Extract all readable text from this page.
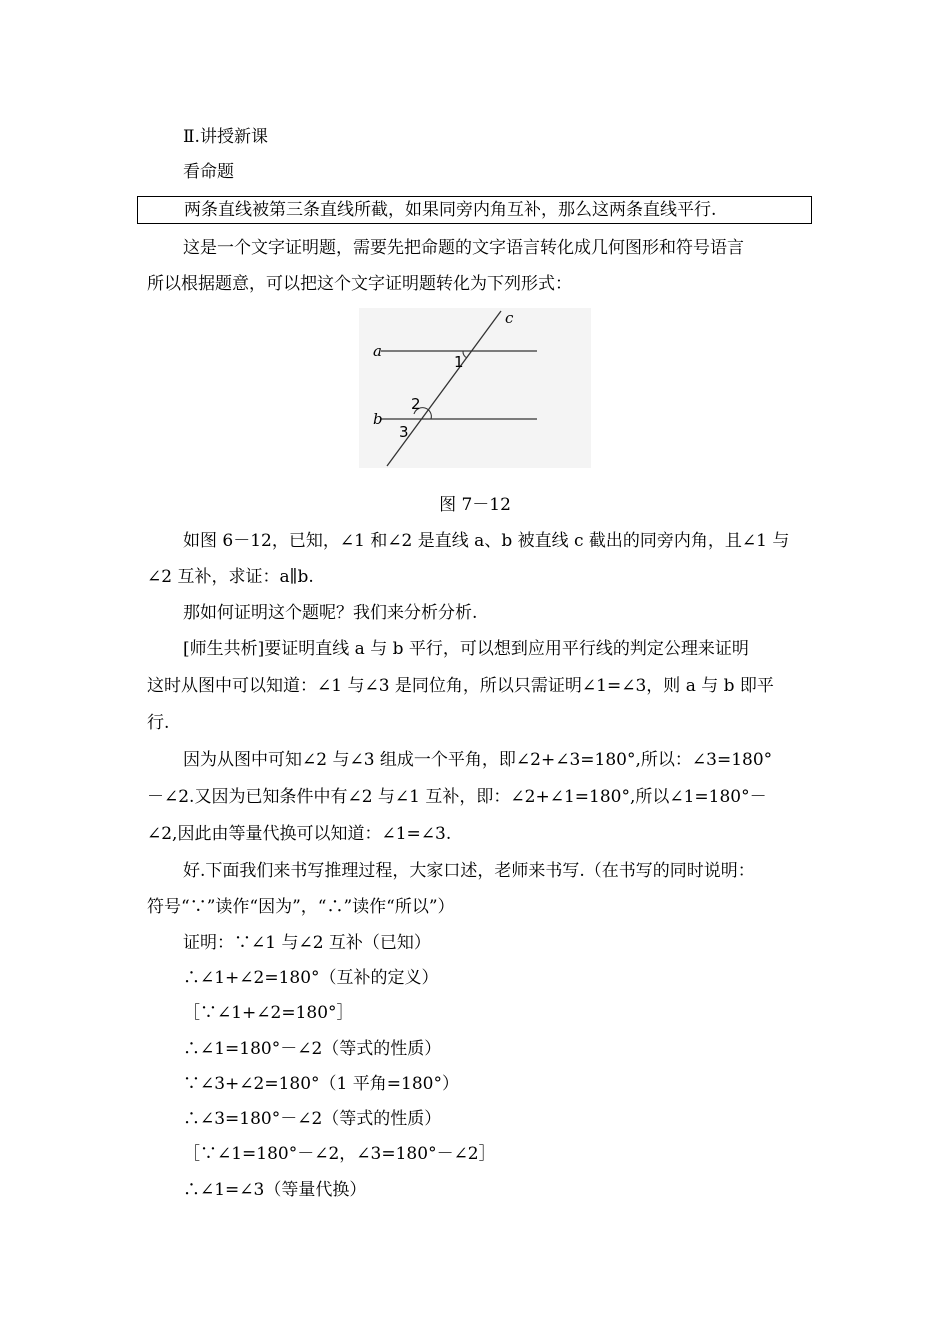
Ⅱ.讲授新课
看命题
两条直线被第三条直线所截，如果同旁内角互补，那么这两条直线平行.
这是一个文字证明题，需要先把命题的文字语言转化成几何图形和符号语言
所以根据题意，可以把这个文字证明题转化为下列形式：
a
b
c
1
2
3
图 7－12
如图 6－12，已知，∠1 和∠2 是直线 a、b 被直线 c 截出的同旁内角，且∠1 与
∠2 互补，求证：a∥b.
那如何证明这个题呢？我们来分析分析.
[师生共析]要证明直线 a 与 b 平行，可以想到应用平行线的判定公理来证明
这时从图中可以知道：∠1 与∠3 是同位角，所以只需证明∠1=∠3，则 a 与 b 即平
行.
因为从图中可知∠2 与∠3 组成一个平角，即∠2+∠3=180°,所以：∠3=180°
－∠2.又因为已知条件中有∠2 与∠1 互补，即：∠2+∠1=180°,所以∠1=180°－
∠2,因此由等量代换可以知道：∠1=∠3.
好.下面我们来书写推理过程，大家口述，老师来书写.（在书写的同时说明：
符号“∵”读作“因为”，“∴”读作“所以”）
证明：∵∠1 与∠2 互补（已知）
∴∠1+∠2=180°（互补的定义）
［∵∠1+∠2=180°］
∴∠1=180°－∠2（等式的性质）
∵∠3+∠2=180°（1 平角=180°）
∴∠3=180°－∠2（等式的性质）
［∵∠1=180°－∠2，∠3=180°－∠2］
∴∠1=∠3（等量代换）
